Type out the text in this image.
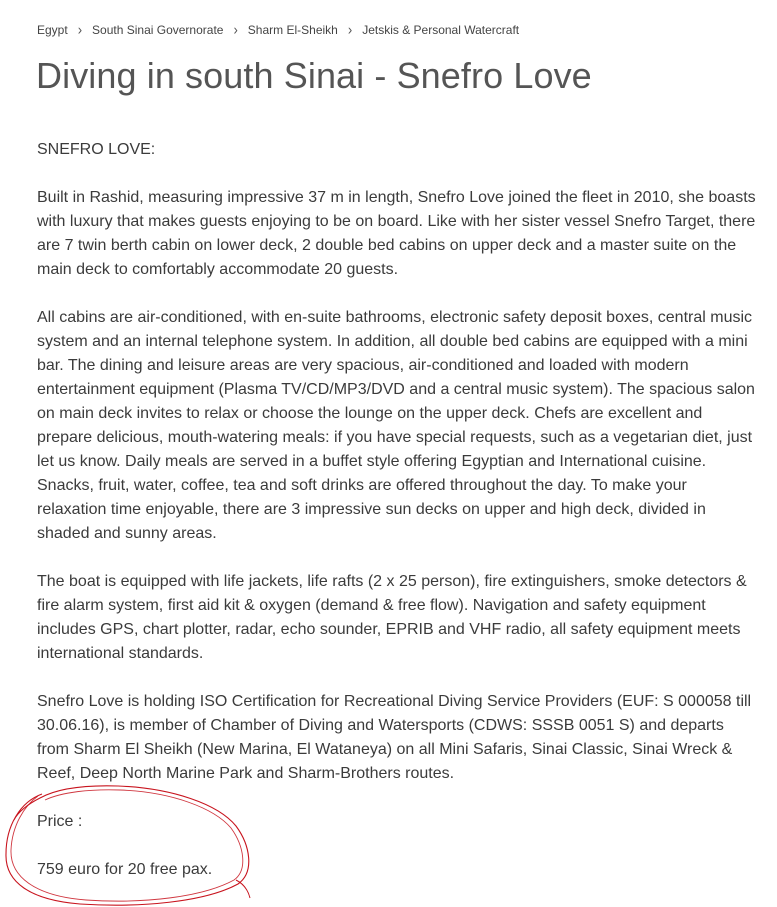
Egypt › South Sinai Governorate › Sharm El-Sheikh › Jetskis & Personal Watercraft
Diving in south Sinai - Snefro Love

SNEFRO LOVE:

Built in Rashid, measuring impressive 37 m in length, Snefro Love joined the fleet in 2010, she boasts with luxury that makes guests enjoying to be on board. Like with her sister vessel Snefro Target, there are 7 twin berth cabin on lower deck, 2 double bed cabins on upper deck and a master suite on the main deck to comfortably accommodate 20 guests.

All cabins are air-conditioned, with en-suite bathrooms, electronic safety deposit boxes, central music system and an internal telephone system. In addition, all double bed cabins are equipped with a mini bar. The dining and leisure areas are very spacious, air-conditioned and loaded with modern entertainment equipment (Plasma TV/CD/MP3/DVD and a central music system). The spacious salon on main deck invites to relax or choose the lounge on the upper deck. Chefs are excellent and prepare delicious, mouth-watering meals: if you have special requests, such as a vegetarian diet, just let us know. Daily meals are served in a buffet style offering Egyptian and International cuisine. Snacks, fruit, water, coffee, tea and soft drinks are offered throughout the day. To make your relaxation time enjoyable, there are 3 impressive sun decks on upper and high deck, divided in shaded and sunny areas.

The boat is equipped with life jackets, life rafts (2 x 25 person), fire extinguishers, smoke detectors & fire alarm system, first aid kit & oxygen (demand & free flow). Navigation and safety equipment includes GPS, chart plotter, radar, echo sounder, EPRIB and VHF radio, all safety equipment meets international standards.

Snefro Love is holding ISO Certification for Recreational Diving Service Providers (EUF: S 000058 till 30.06.16), is member of Chamber of Diving and Watersports (CDWS: SSSB 0051 S) and departs from Sharm El Sheikh (New Marina, El Wataneya) on all Mini Safaris, Sinai Classic, Sinai Wreck & Reef, Deep North Marine Park and Sharm-Brothers routes.

Price :

759 euro for 20 free pax.
